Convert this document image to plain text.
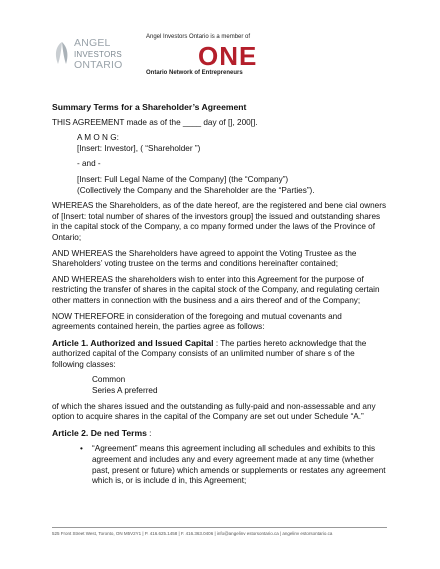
ANGEL
INVESTORS
ONTARIO
Angel Investors Ontario is a member of
ONE
Ontario Network of Entrepreneurs

Summary Terms for a Shareholder’s Agreement

THIS AGREEMENT made as of the ____ day of [], 200[].

A M O N G:

[Insert: Investor], ( “Shareholder ”)

- and -

[Insert: Full Legal Name of the Company] (the “Company”)

(Collectively the Company and the Shareholder are the “Parties”).

WHEREAS the Shareholders, as of the date hereof, are the registered and bene cial owners of [Insert: total number of shares of the investors group] the issued and outstanding shares in the capital stock of the Company, a co mpany formed under the laws of the Province of Ontario;

AND WHEREAS the Shareholders have agreed to appoint the Voting Trustee as the Shareholders’ voting trustee on the terms and conditions hereinafter contained;

AND WHEREAS the shareholders wish to enter into this Agreement for the purpose of restricting the transfer of shares in the capital stock of the Company, and regulating certain other matters in connection with the business and a airs thereof and of the Company;

NOW THEREFORE in consideration of the foregoing and mutual covenants and agreements contained herein, the parties agree as follows:

Article 1. Authorized and Issued Capital : The parties hereto acknowledge that the authorized capital of the Company consists of an unlimited number of share s of the following classes:

Common

Series A preferred

of which the shares issued and the outstanding as fully-paid and non-assessable and any option to acquire shares in the capital of the Company are set out under Schedule “A.”

Article 2. De ned Terms :

•	“Agreement” means this agreement including all schedules and exhibits to this agreement and includes any and every agreement made at any time (whether past, present or future) which amends or supplements or restates any agreement which is, or is include d in, this Agreement;
525 Front Street West, Toronto, ON M5V2Y1 | P. 416.625.1458 | F. 416.363.0406 | info@angelinv estorsontario.ca | angelinv estorsontario.ca
